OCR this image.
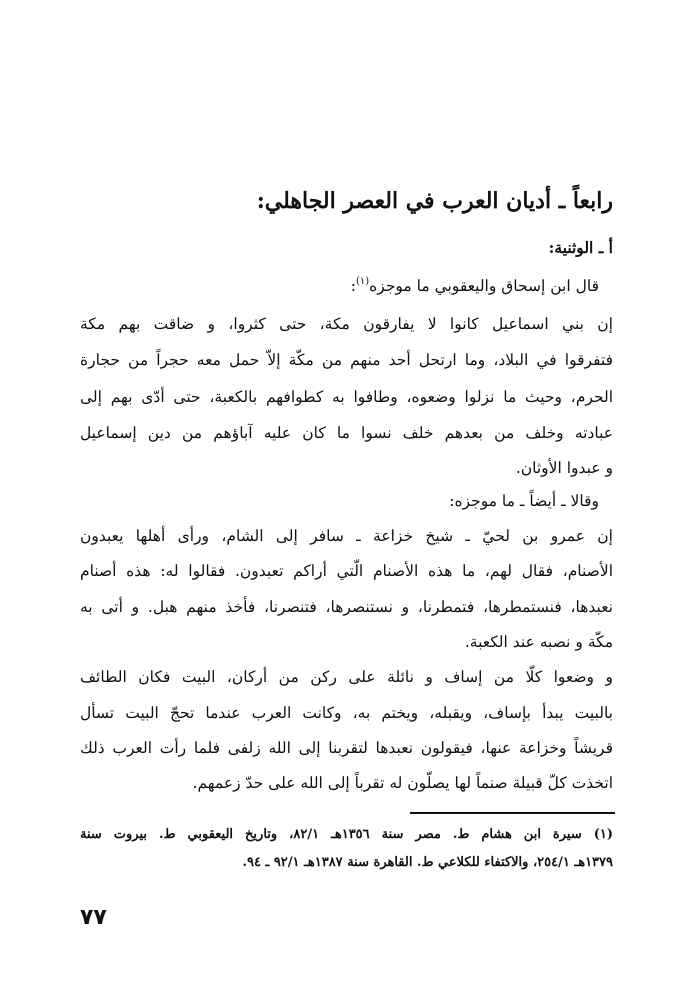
رابعاً ـ أديان العرب في العصر الجاهلي:
أ ـ الوثنية:
قال ابن إسحاق واليعقوبي ما موجزه$^{(١)}$:
إن بني اسماعيل كانوا لا يفارقون مكة، حتى كثروا، و ضاقت بهم مكة
فتفرقوا في البلاد، وما ارتحل أحد منهم من مكّة إلاّ حمل معه حجراً من حجارة
الحرم، وحيث ما نزلوا وضعوه، وطافوا به كطوافهم بالكعبة، حتى أدّى بهم إلى
عبادته وخلف من بعدهم خلف نسوا ما كان عليه آباؤهم من دين إسماعيل
و عبدوا الأوثان.
وقالا ـ أيضاً ـ ما موجزه:
إن عمرو بن لحيّ ـ شيخ خزاعة ـ سافر إلى الشام، ورأى أهلها يعبدون
الأصنام، فقال لهم، ما هذه الأصنام الّتي أراكم تعبدون. فقالوا له: هذه أصنام
نعبدها، فنستمطرها، فتمطرنا، و نستنصرها، فتنصرنا، فأخذ منهم هبل. و أتى به
مكّة و نصبه عند الكعبة.
و وضعوا كلّا من إساف و نائلة على ركن من أركان، البيت فكان الطائف
بالبيت يبدأ بإساف، ويقبله، ويختم به، وكانت العرب عندما تحجّ البيت تسأل
قريشاً وخزاعة عنها، فيقولون نعبدها لتقربنا إلى الله زلفى فلما رأت العرب ذلك
اتخذت كلّ قبيلة صنماً لها يصلّون له تقرباً إلى الله على حدّ زعمهم.
(١) سيرة ابن هشام ط. مصر سنة ١٣٥٦هـ ٨٢/١، وتاريخ اليعقوبي ط. بيروت سنة
١٣٧٩هـ ٢٥٤/١، والاكتفاء للكلاعي ط. القاهرة سنة ١٣٨٧هـ ٩٢/١ ـ ٩٤.
٧٧
